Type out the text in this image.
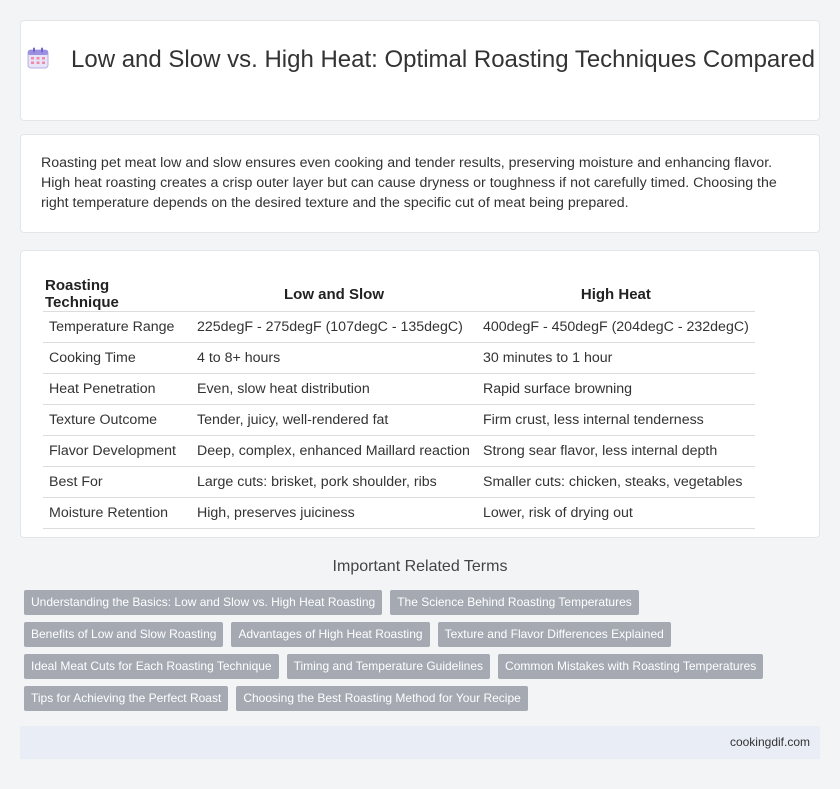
Low and Slow vs. High Heat: Optimal Roasting Techniques Compared

Roasting pet meat low and slow ensures even cooking and tender results, preserving moisture and enhancing flavor. High heat roasting creates a crisp outer layer but can cause dryness or toughness if not carefully timed. Choosing the right temperature depends on the desired texture and the specific cut of meat being prepared.

Roasting Technique	Low and Slow	High Heat
Temperature Range	225degF - 275degF (107degC - 135degC)	400degF - 450degF (204degC - 232degC)
Cooking Time	4 to 8+ hours	30 minutes to 1 hour
Heat Penetration	Even, slow heat distribution	Rapid surface browning
Texture Outcome	Tender, juicy, well-rendered fat	Firm crust, less internal tenderness
Flavor Development	Deep, complex, enhanced Maillard reaction	Strong sear flavor, less internal depth
Best For	Large cuts: brisket, pork shoulder, ribs	Smaller cuts: chicken, steaks, vegetables
Moisture Retention	High, preserves juiciness	Lower, risk of drying out
Important Related Terms
Understanding the Basics: Low and Slow vs. High Heat Roasting	The Science Behind Roasting Temperatures
Benefits of Low and Slow Roasting	Advantages of High Heat Roasting	Texture and Flavor Differences Explained
Ideal Meat Cuts for Each Roasting Technique	Timing and Temperature Guidelines	Common Mistakes with Roasting Temperatures
Tips for Achieving the Perfect Roast	Choosing the Best Roasting Method for Your Recipe
cookingdif.com
